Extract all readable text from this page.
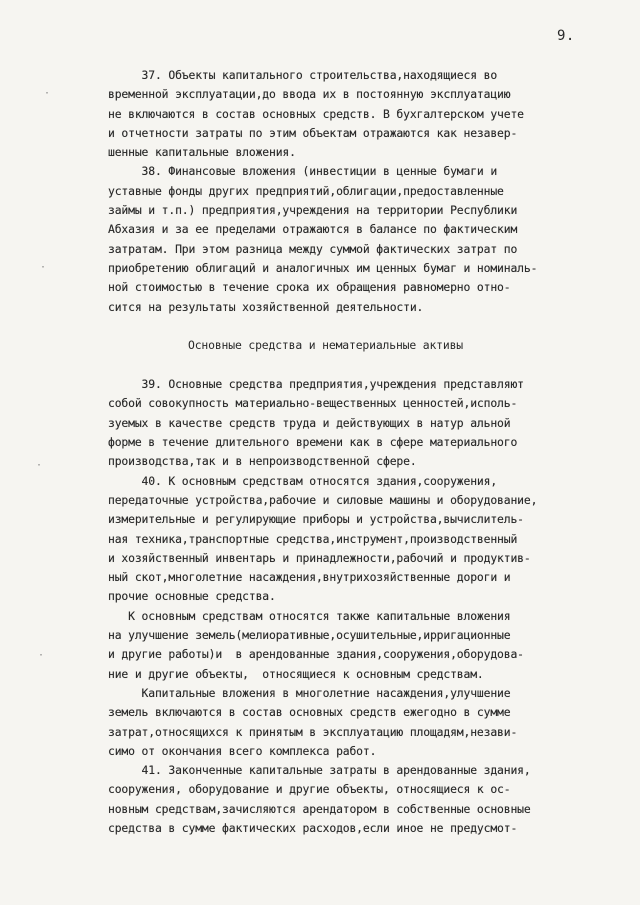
9.
·
·
·
·
37. Объекты капитального строительства,находящиеся во
временной эксплуатации,до ввода их в постоянную эксплуатацию
не включаются в состав основных средств. В бухгалтерском учете
и отчетности затраты по этим объектам отражаются как незавер-
шенные капитальные вложения.
38. Финансовые вложения (инвестиции в ценные бумаги и
уставные фонды других предприятий,облигации,предоставленные
займы и т.п.) предприятия,учреждения на территории Республики
Абхазия и за ее пределами отражаются в балансе по фактическим
затратам. При этом разница между суммой фактических затрат по
приобретению облигаций и аналогичных им ценных бумаг и номиналь-
ной стоимостью в течение срока их обращения равномерно отно-
сится на результаты хозяйственной деятельности.
Основные средства и нематериальные активы
39. Основные средства предприятия,учреждения представляют
собой совокупность материально-вещественных ценностей,исполь-
зуемых в качестве средств труда и действующих в натур альной
форме в течение длительного времени как в сфере материального
производства,так и в непроизводственной сфере.
40. К основным средствам относятся здания,сооружения,
передаточные устройства,рабочие и силовые машины и оборудование,
измерительные и регулирующие приборы и устройства,вычислитель-
ная техника,транспортные средства,инструмент,производственный
и хозяйственный инвентарь и принадлежности,рабочий и продуктив-
ный скот,многолетние насаждения,внутрихозяйственные дороги и
прочие основные средства.
К основным средствам относятся также капитальные вложения
на улучшение земель(мелиоративные,осушительные,ирригационные
и другие работы)и  в арендованные здания,сооружения,оборудова-
ние и другие объекты,  относящиеся к основным средствам.
Капитальные вложения в многолетние насаждения,улучшение
земель включаются в состав основных средств ежегодно в сумме
затрат,относящихся к принятым в эксплуатацию площадям,незави-
симо от окончания всего комплекса работ.
41. Законченные капитальные затраты в арендованные здания,
сооружения, оборудование и другие объекты, относящиеся к ос-
новным средствам,зачисляются арендатором в собственные основные
средства в сумме фактических расходов,если иное не предусмот-
